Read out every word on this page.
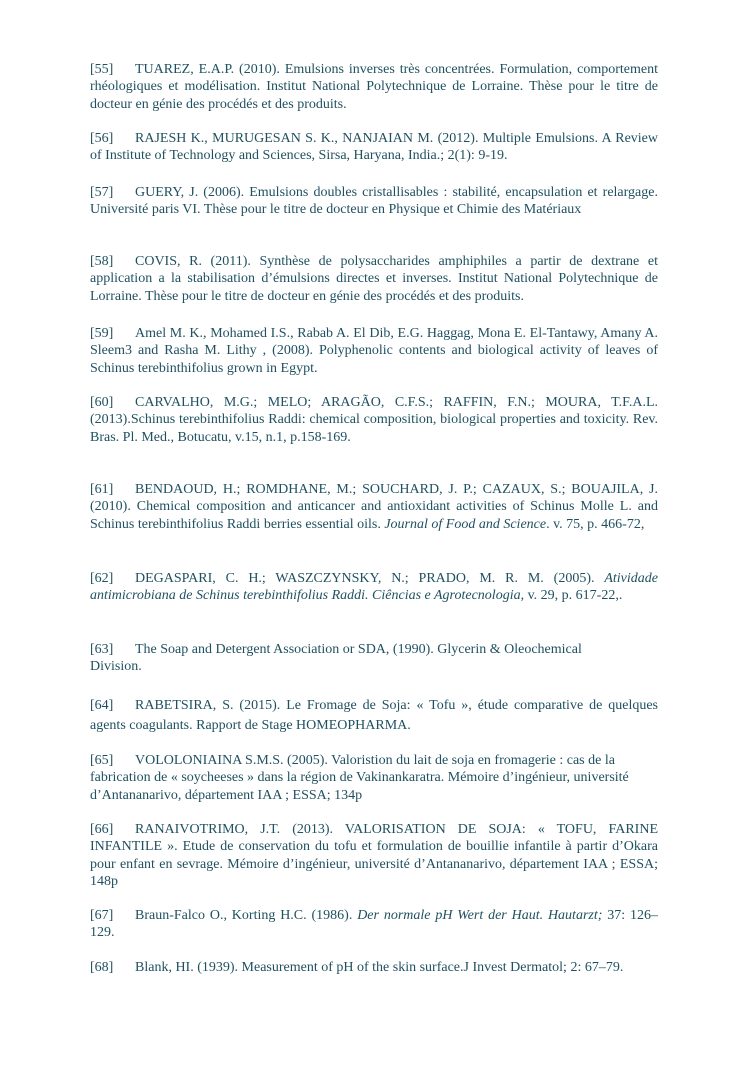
[55] TUAREZ, E.A.P. (2010). Emulsions inverses très concentrées. Formulation, comportement rhéologiques et modélisation. Institut National Polytechnique de Lorraine. Thèse pour le titre de docteur en génie des procédés et des produits.

[56] RAJESH K., MURUGESAN S. K., NANJAIAN M. (2012). Multiple Emulsions. A Review of Institute of Technology and Sciences, Sirsa, Haryana, India.; 2(1): 9-19.

[57] GUERY, J. (2006). Emulsions doubles cristallisables : stabilité, encapsulation et relargage. Université paris VI. Thèse pour le titre de docteur en Physique et Chimie des Matériaux

[58] COVIS, R. (2011). Synthèse de polysaccharides amphiphiles a partir de dextrane et application a la stabilisation d’émulsions directes et inverses. Institut National Polytechnique de Lorraine. Thèse pour le titre de docteur en génie des procédés et des produits.

[59] Amel M. K., Mohamed I.S., Rabab A. El Dib, E.G. Haggag, Mona E. El-Tantawy, Amany A. Sleem3 and Rasha M. Lithy , (2008). Polyphenolic contents and biological activity of leaves of Schinus terebinthifolius grown in Egypt.

[60] CARVALHO, M.G.; MELO; ARAGÃO, C.F.S.; RAFFIN, F.N.; MOURA, T.F.A.L. (2013).Schinus terebinthifolius Raddi: chemical composition, biological properties and toxicity. Rev. Bras. Pl. Med., Botucatu, v.15, n.1, p.158-169.

[61] BENDAOUD, H.; ROMDHANE, M.; SOUCHARD, J. P.; CAZAUX, S.; BOUAJILA, J. (2010). Chemical composition and anticancer and antioxidant activities of Schinus Molle L. and Schinus terebinthifolius Raddi berries essential oils. Journal of Food and Science. v. 75, p. 466-72,

[62] DEGASPARI, C. H.; WASZCZYNSKY, N.; PRADO, M. R. M. (2005). Atividade antimicrobiana de Schinus terebinthifolius Raddi. Ciências e Agrotecnologia, v. 29, p. 617-22,.

[63] The Soap and Detergent Association or SDA, (1990). Glycerin & Oleochemical Division.

[64] RABETSIRA, S. (2015). Le Fromage de Soja: « Tofu », étude comparative de quelques agents coagulants. Rapport de Stage HOMEOPHARMA.

[65] VOLOLONIAINA S.M.S. (2005). Valoristion du lait de soja en fromagerie : cas de la fabrication de « soycheeses » dans la région de Vakinankaratra. Mémoire d’ingénieur, université d’Antananarivo, département IAA ; ESSA; 134p

[66] RANAIVOTRIMO, J.T. (2013). VALORISATION DE SOJA: « TOFU, FARINE INFANTILE ». Etude de conservation du tofu et formulation de bouillie infantile à partir d’Okara pour enfant en sevrage. Mémoire d’ingénieur, université d’Antananarivo, département IAA ; ESSA; 148p

[67] Braun-Falco O., Korting H.C. (1986). Der normale pH Wert der Haut. Hautarzt; 37: 126–129.

[68] Blank, HI. (1939). Measurement of pH of the skin surface.J Invest Dermatol; 2: 67–79.
